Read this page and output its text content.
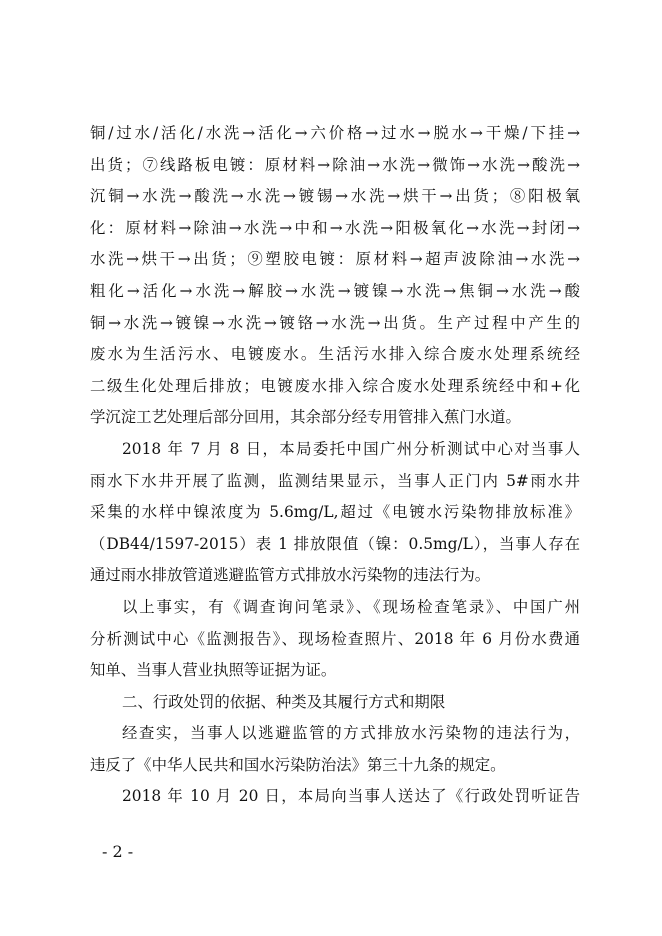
铜/过水/活化/水洗→活化→六价格→过水→脱水→干燥/下挂→
出货；⑦线路板电镀：原材料→除油→水洗→微饰→水洗→酸洗→
沉铜→水洗→酸洗→水洗→镀锡→水洗→烘干→出货；⑧阳极氧
化：原材料→除油→水洗→中和→水洗→阳极氧化→水洗→封闭→
水洗→烘干→出货；⑨塑胶电镀：原材料→超声波除油→水洗→
粗化→活化→水洗→解胶→水洗→镀镍→水洗→焦铜→水洗→酸
铜→水洗→镀镍→水洗→镀铬→水洗→出货。生产过程中产生的
废水为生活污水、电镀废水。生活污水排入综合废水处理系统经
二级生化处理后排放；电镀废水排入综合废水处理系统经中和+化
学沉淀工艺处理后部分回用，其余部分经专用管排入蕉门水道。
2018 年 7 月 8 日，本局委托中国广州分析测试中心对当事人
雨水下水井开展了监测，监测结果显示，当事人正门内 5#雨水井
采集的水样中镍浓度为 5.6mg/L,超过《电镀水污染物排放标准》
（DB44/1597-2015）表 1 排放限值（镍：0.5mg/L），当事人存在
通过雨水排放管道逃避监管方式排放水污染物的违法行为。
以上事实，有《调查询问笔录》、《现场检查笔录》、中国广州
分析测试中心《监测报告》、现场检查照片、2018 年 6 月份水费通
知单、当事人营业执照等证据为证。
二、行政处罚的依据、种类及其履行方式和期限
经查实，当事人以逃避监管的方式排放水污染物的违法行为，
违反了《中华人民共和国水污染防治法》第三十九条的规定。
2018 年 10 月 20 日，本局向当事人送达了《行政处罚听证告
- 2 -
